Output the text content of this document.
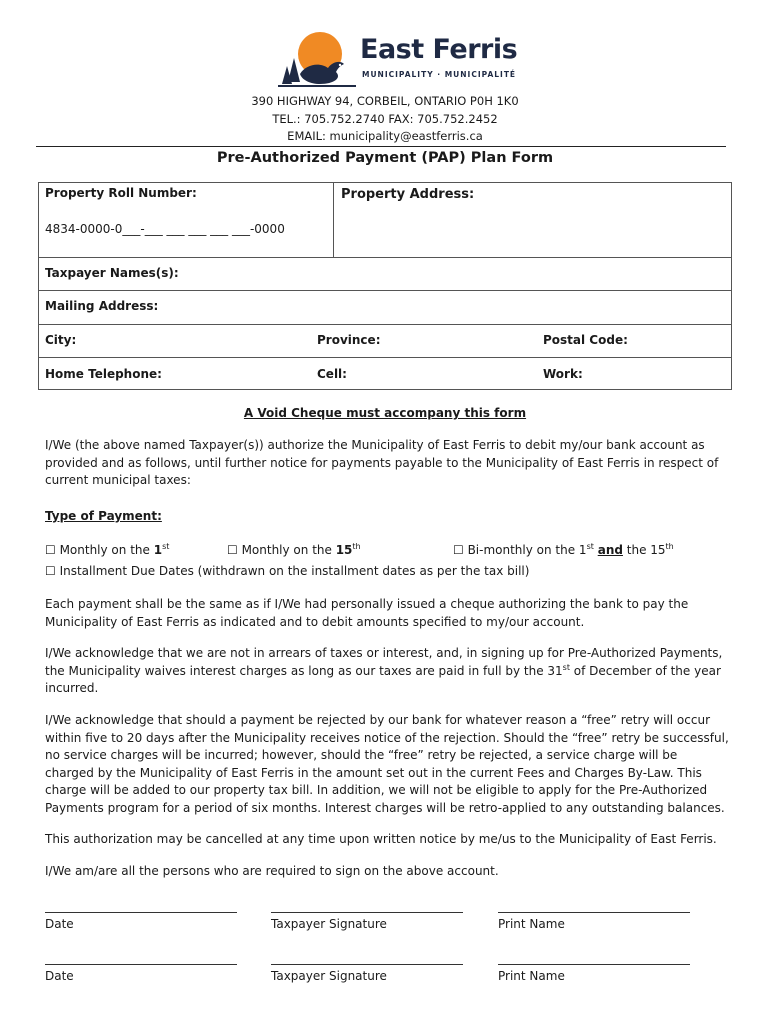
East Ferris
MUNICIPALITY · MUNICIPALITÉ
390 HIGHWAY 94, CORBEIL, ONTARIO P0H 1K0
TEL.: 705.752.2740 FAX: 705.752.2452
EMAIL: municipality@eastferris.ca
Pre-Authorized Payment (PAP) Plan Form
Property Roll Number:
4834-0000-0___-___ ___ ___ ___ ___-0000
Property Address:
Taxpayer Names(s):
Mailing Address:
City:	Province:	Postal Code:
Home Telephone:	Cell:	Work:
A Void Cheque must accompany this form
I/We (the above named Taxpayer(s)) authorize the Municipality of East Ferris to debit my/our bank account as provided and as follows, until further notice for payments payable to the Municipality of East Ferris in respect of current municipal taxes:
Type of Payment:
☐ Monthly on the 1st	☐ Monthly on the 15th	☐ Bi-monthly on the 1st and the 15th
☐ Installment Due Dates (withdrawn on the installment dates as per the tax bill)
Each payment shall be the same as if I/We had personally issued a cheque authorizing the bank to pay the Municipality of East Ferris as indicated and to debit amounts specified to my/our account.
I/We acknowledge that we are not in arrears of taxes or interest, and, in signing up for Pre-Authorized Payments, the Municipality waives interest charges as long as our taxes are paid in full by the 31st of December of the year incurred.
I/We acknowledge that should a payment be rejected by our bank for whatever reason a “free” retry will occur within five to 20 days after the Municipality receives notice of the rejection. Should the “free” retry be successful, no service charges will be incurred; however, should the “free” retry be rejected, a service charge will be charged by the Municipality of East Ferris in the amount set out in the current Fees and Charges By-Law. This charge will be added to our property tax bill. In addition, we will not be eligible to apply for the Pre-Authorized Payments program for a period of six months. Interest charges will be retro-applied to any outstanding balances.
This authorization may be cancelled at any time upon written notice by me/us to the Municipality of East Ferris.
I/We am/are all the persons who are required to sign on the above account.
Date	Taxpayer Signature	Print Name
Date	Taxpayer Signature	Print Name
